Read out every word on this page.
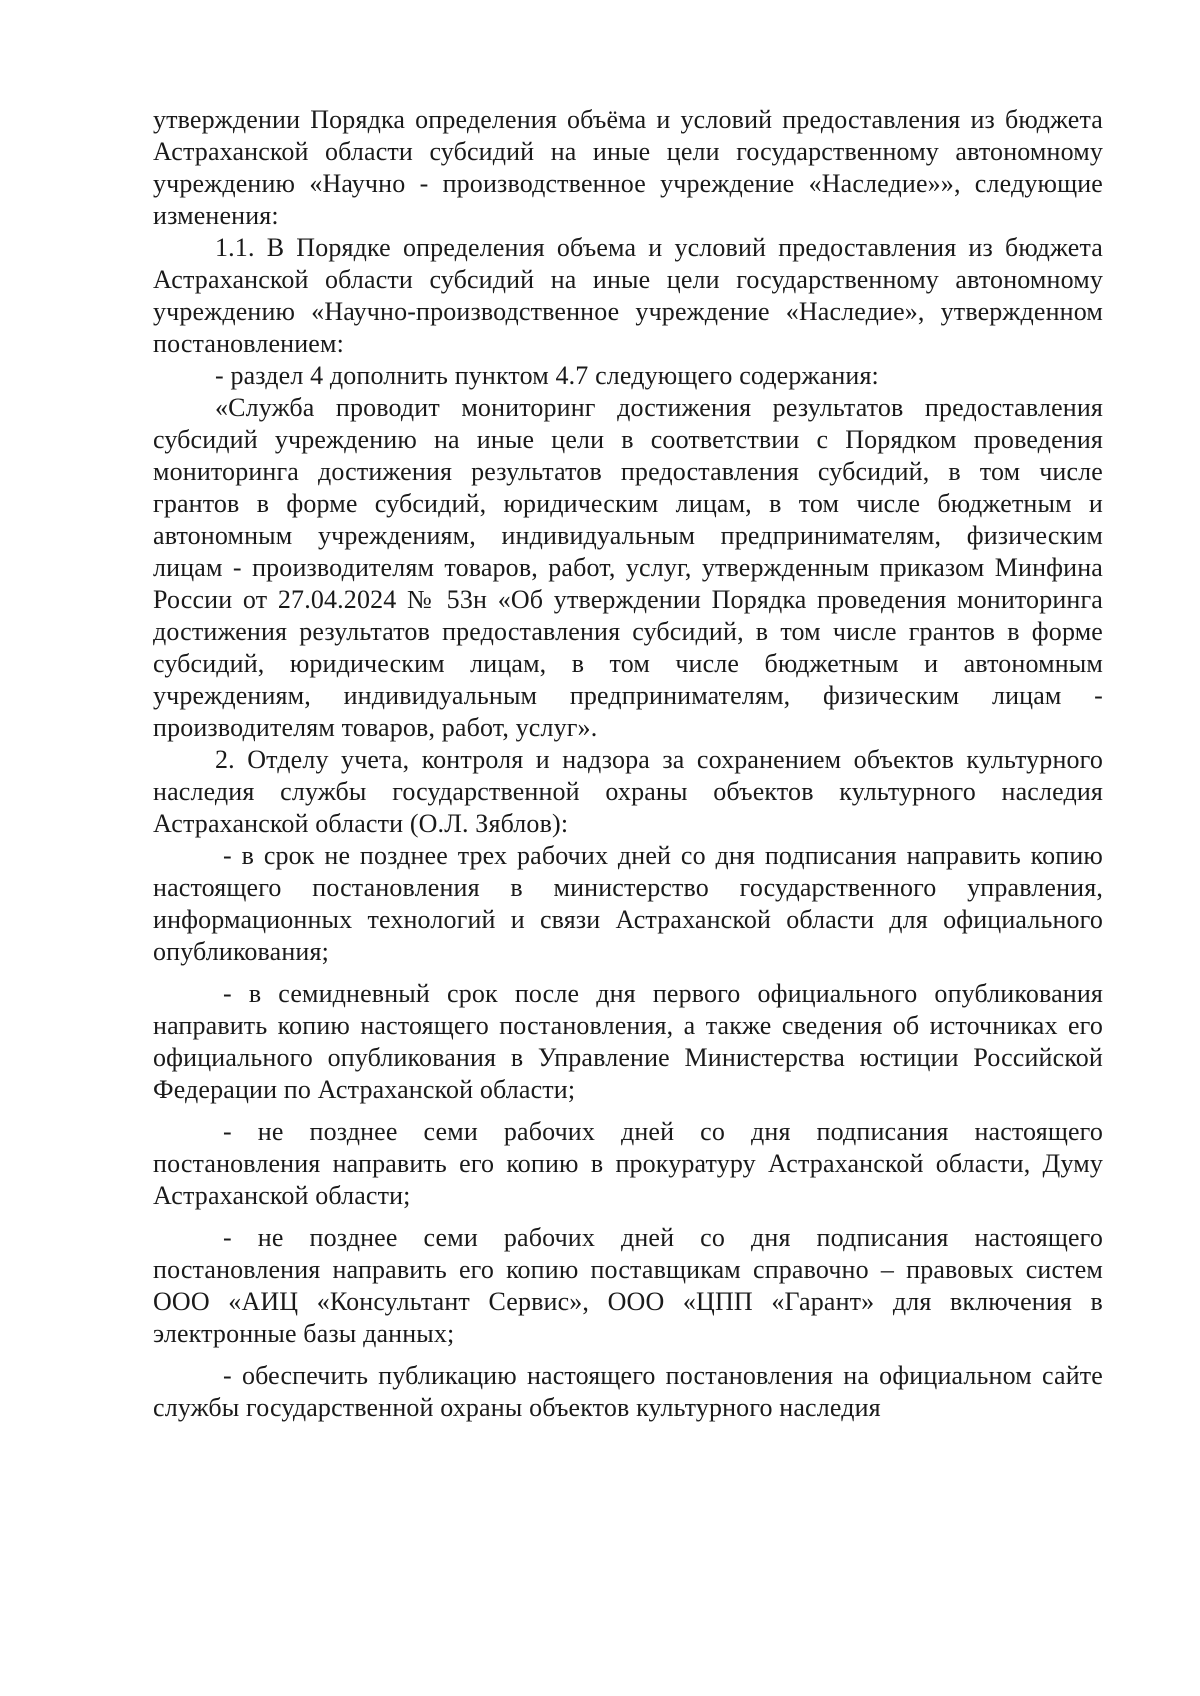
утверждении Порядка определения объёма и условий предоставления из бюджета Астраханской области субсидий на иные цели государственному автономному учреждению «Научно - производственное учреждение «Наследие»», следующие изменения:

1.1. В Порядке определения объема и условий предоставления из бюджета Астраханской области субсидий на иные цели государственному автономному учреждению «Научно-производственное учреждение «Наследие», утвержденном постановлением:

- раздел 4 дополнить пунктом 4.7 следующего содержания:

«Служба проводит мониторинг достижения результатов предоставления субсидий учреждению на иные цели в соответствии с Порядком проведения мониторинга достижения результатов предоставления субсидий, в том числе грантов в форме субсидий, юридическим лицам, в том числе бюджетным и автономным учреждениям, индивидуальным предпринимателям, физическим лицам - производителям товаров, работ, услуг, утвержденным приказом Минфина России от 27.04.2024 № 53н «Об утверждении Порядка проведения мониторинга достижения результатов предоставления субсидий, в том числе грантов в форме субсидий, юридическим лицам, в том числе бюджетным и автономным учреждениям, индивидуальным предпринимателям, физическим лицам - производителям товаров, работ, услуг».

2. Отделу учета, контроля и надзора за сохранением объектов культурного наследия службы государственной охраны объектов культурного наследия Астраханской области (О.Л. Зяблов):

- в срок не позднее трех рабочих дней со дня подписания направить копию настоящего постановления в министерство государственного управления, информационных технологий и связи Астраханской области для официального опубликования;

- в семидневный срок после дня первого официального опубликования направить копию настоящего постановления, а также сведения об источниках его официального опубликования в Управление Министерства юстиции Российской Федерации по Астраханской области;

- не позднее семи рабочих дней со дня подписания настоящего постановления направить его копию в прокуратуру Астраханской области, Думу Астраханской области;

- не позднее семи рабочих дней со дня подписания настоящего постановления направить его копию поставщикам справочно – правовых систем ООО «АИЦ «Консультант Сервис», ООО «ЦПП «Гарант» для включения в электронные базы данных;

- обеспечить публикацию настоящего постановления на официальном сайте службы государственной охраны объектов культурного наследия
